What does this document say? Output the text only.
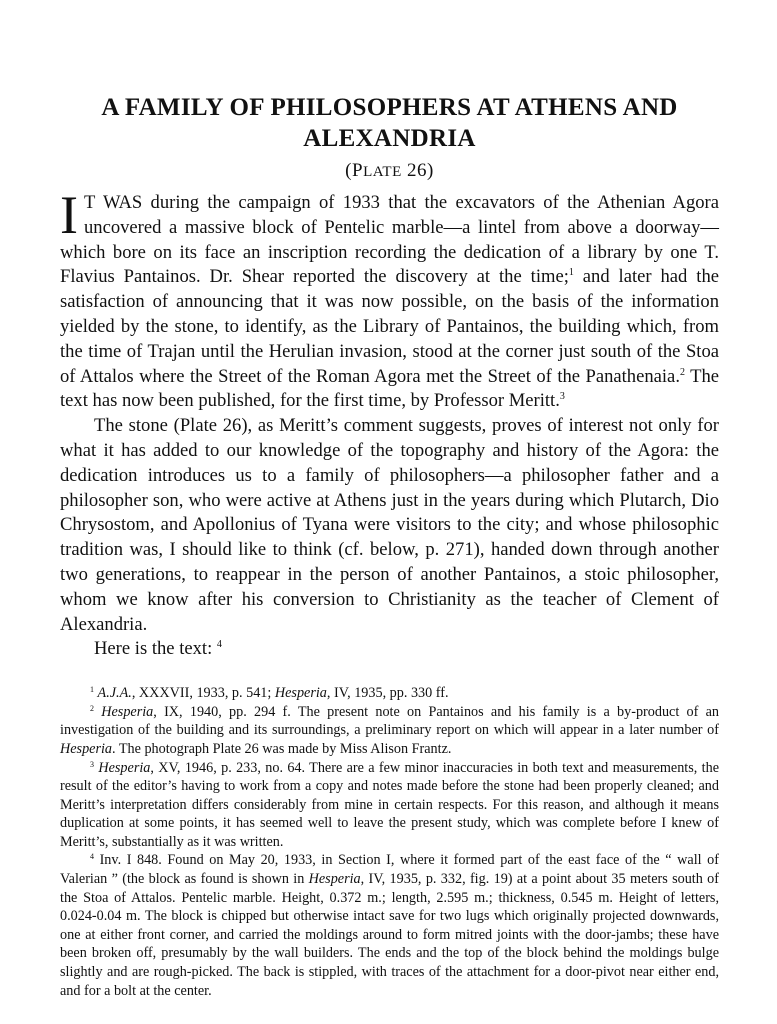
A FAMILY OF PHILOSOPHERS AT ATHENS AND ALEXANDRIA
(PLATE 26)

I T WAS during the campaign of 1933 that the excavators of the Athenian Agora uncovered a massive block of Pentelic marble—a lintel from above a doorway—which bore on its face an inscription recording the dedication of a library by one T. Flavius Pantainos. Dr. Shear reported the discovery at the time;$^1$ and later had the satisfaction of announcing that it was now possible, on the basis of the information yielded by the stone, to identify, as the Library of Pantainos, the building which, from the time of Trajan until the Herulian invasion, stood at the corner just south of the Stoa of Attalos where the Street of the Roman Agora met the Street of the Panathenaia.$^2$ The text has now been published, for the first time, by Professor Meritt.$^3$

The stone (Plate 26), as Meritt’s comment suggests, proves of interest not only for what it has added to our knowledge of the topography and history of the Agora: the dedication introduces us to a family of philosophers—a philosopher father and a philosopher son, who were active at Athens just in the years during which Plutarch, Dio Chrysostom, and Apollonius of Tyana were visitors to the city; and whose philosophic tradition was, I should like to think (cf. below, p. 271), handed down through another two generations, to reappear in the person of another Pantainos, a stoic philosopher, whom we know after his conversion to Christianity as the teacher of Clement of Alexandria.

Here is the text: $^4$

$^1$ A.J.A., XXXVII, 1933, p. 541; Hesperia, IV, 1935, pp. 330 ff.

$^2$ Hesperia, IX, 1940, pp. 294 f. The present note on Pantainos and his family is a by-product of an investigation of the building and its surroundings, a preliminary report on which will appear in a later number of Hesperia. The photograph Plate 26 was made by Miss Alison Frantz.

$^3$ Hesperia, XV, 1946, p. 233, no. 64. There are a few minor inaccuracies in both text and measurements, the result of the editor’s having to work from a copy and notes made before the stone had been properly cleaned; and Meritt’s interpretation differs considerably from mine in certain respects. For this reason, and although it means duplication at some points, it has seemed well to leave the present study, which was complete before I knew of Meritt’s, substantially as it was written.

$^4$ Inv. I 848. Found on May 20, 1933, in Section I, where it formed part of the east face of the “ wall of Valerian ” (the block as found is shown in Hesperia, IV, 1935, p. 332, fig. 19) at a point about 35 meters south of the Stoa of Attalos. Pentelic marble. Height, 0.372 m.; length, 2.595 m.; thickness, 0.545 m. Height of letters, 0.024-0.04 m. The block is chipped but otherwise intact save for two lugs which originally projected downwards, one at either front corner, and carried the moldings around to form mitred joints with the door-jambs; these have been broken off, presumably by the wall builders. The ends and the top of the block behind the moldings bulge slightly and are rough-picked. The back is stippled, with traces of the attachment for a door-pivot near either end, and for a bolt at the center.
